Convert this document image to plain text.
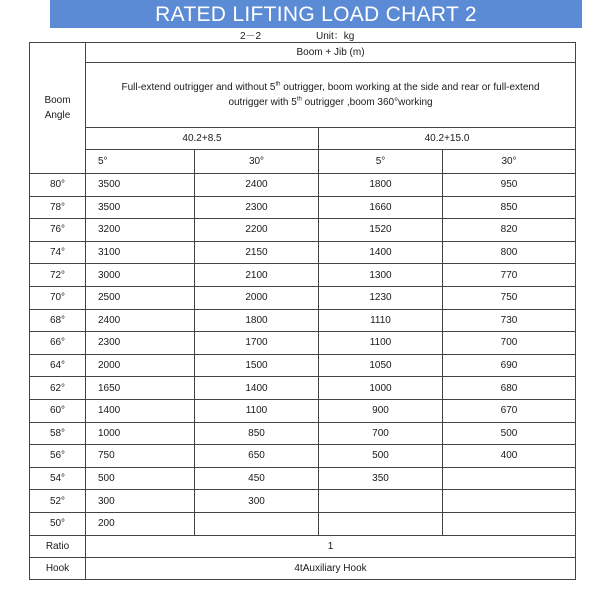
RATED LIFTING LOAD CHART 2
2－2	Unit：kg
Boom
Angle	Boom + Jib (m)			

	Full-extend outrigger and without 5th outrigger, boom working at the side and rear or full-extend
outrigger with 5th outrigger ,boom 360°working			

	40.2+8.5		40.2+15.0	
	5°	30°	5°	30°
80°	3500	2400	1800	950
78°	3500	2300	1660	850
76°	3200	2200	1520	820
74°	3100	2150	1400	800
72°	3000	2100	1300	770
70°	2500	2000	1230	750
68°	2400	1800	1110	730
66°	2300	1700	1100	700
64°	2000	1500	1050	690
62°	1650	1400	1000	680
60°	1400	1100	900	670
58°	1000	850	700	500
56°	750	650	500	400
54°	500	450	350	
52°	300	300		
50°	200			
Ratio	1			
Hook	4tAuxiliary Hook			
